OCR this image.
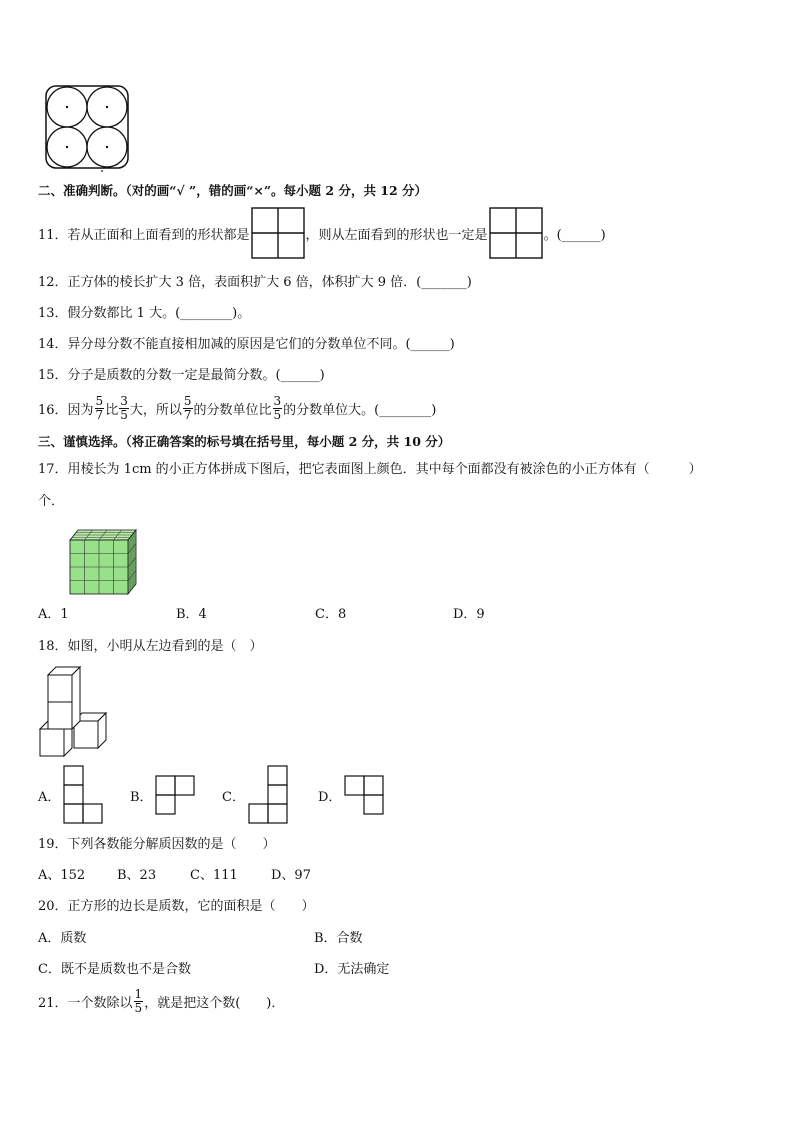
二、准确判断。（对的画“√ ”，错的画“×”。每小题 2 分，共 12 分）
11．若从正面和上面看到的形状都是	，则从左面看到的形状也一定是	。(______)
12．正方体的棱长扩大 3 倍，表面积扩大 6 倍，体积扩大 9 倍．(_______)
13．假分数都比 1 大。(________)。
14．异分母分数不能直接相加减的原因是它们的分数单位不同。(______)
15．分子是质数的分数一定是最简分数。(______)
16．因为 $\frac{5}{7}$ 比 $\frac{3}{5}$ 大，所以 $\frac{5}{7}$ 的分数单位比 $\frac{3}{5}$ 的分数单位大。(________)
三、谨慎选择。（将正确答案的标号填在括号里，每小题 2 分，共 10 分）
17．用棱长为 1cm 的小正方体拼成下图后，把它表面图上颜色．其中每个面都没有被涂色的小正方体有（　　　）
个．
A．1	B．4	C．8	D．9
18．如图，小明从左边看到的是（　）
A．	B．	C．	D．
19．下列各数能分解质因数的是（　　）
A、152 B、23	C、111	D、97
20．正方形的边长是质数，它的面积是（　　）
A．质数	B．合数
C．既不是质数也不是合数	D．无法确定
21．一个数除以 $\frac{1}{5}$ ，就是把这个数(　　)．
